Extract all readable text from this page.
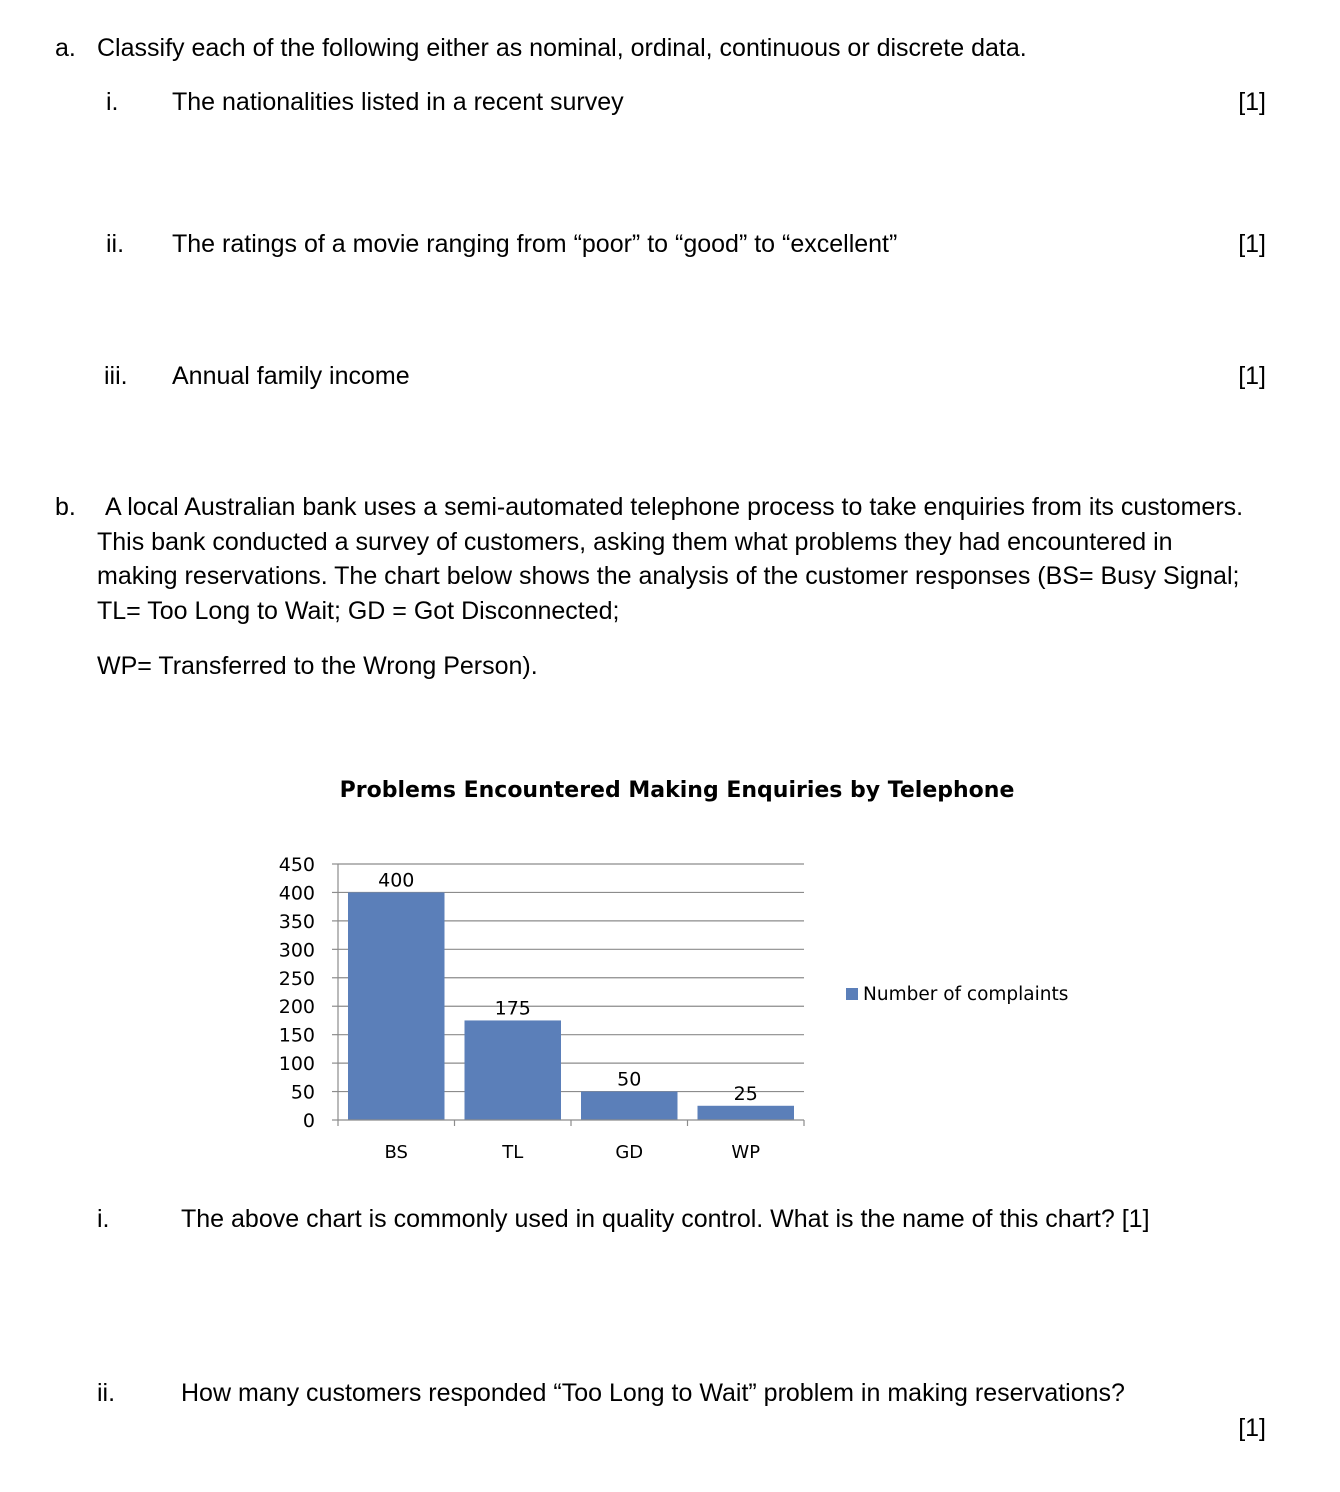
a. Classify each of the following either as nominal, ordinal, continuous or discrete data.
i. The nationalities listed in a recent survey	[1]
ii. The ratings of a movie ranging from “poor” to “good” to “excellent”	[1]
iii. Annual family income	[1]
b.	A local Australian bank uses a semi-automated telephone process to take enquiries from its customers. This bank conducted a survey of customers, asking them what problems they had encountered in making reservations. The chart below shows the analysis of the customer responses (BS= Busy Signal; TL= Too Long to Wait; GD = Got Disconnected;
WP= Transferred to the Wrong Person).
Problems Encountered Making Enquiries by Telephone
0
50
100
150
200
250
300
350
400
450
400
BS
175
TL
50
GD
25
WP
Number of complaints
i.	The above chart is commonly used in quality control. What is the name of this chart? [1]
ii.	How many customers responded “Too Long to Wait” problem in making reservations?
[1]
